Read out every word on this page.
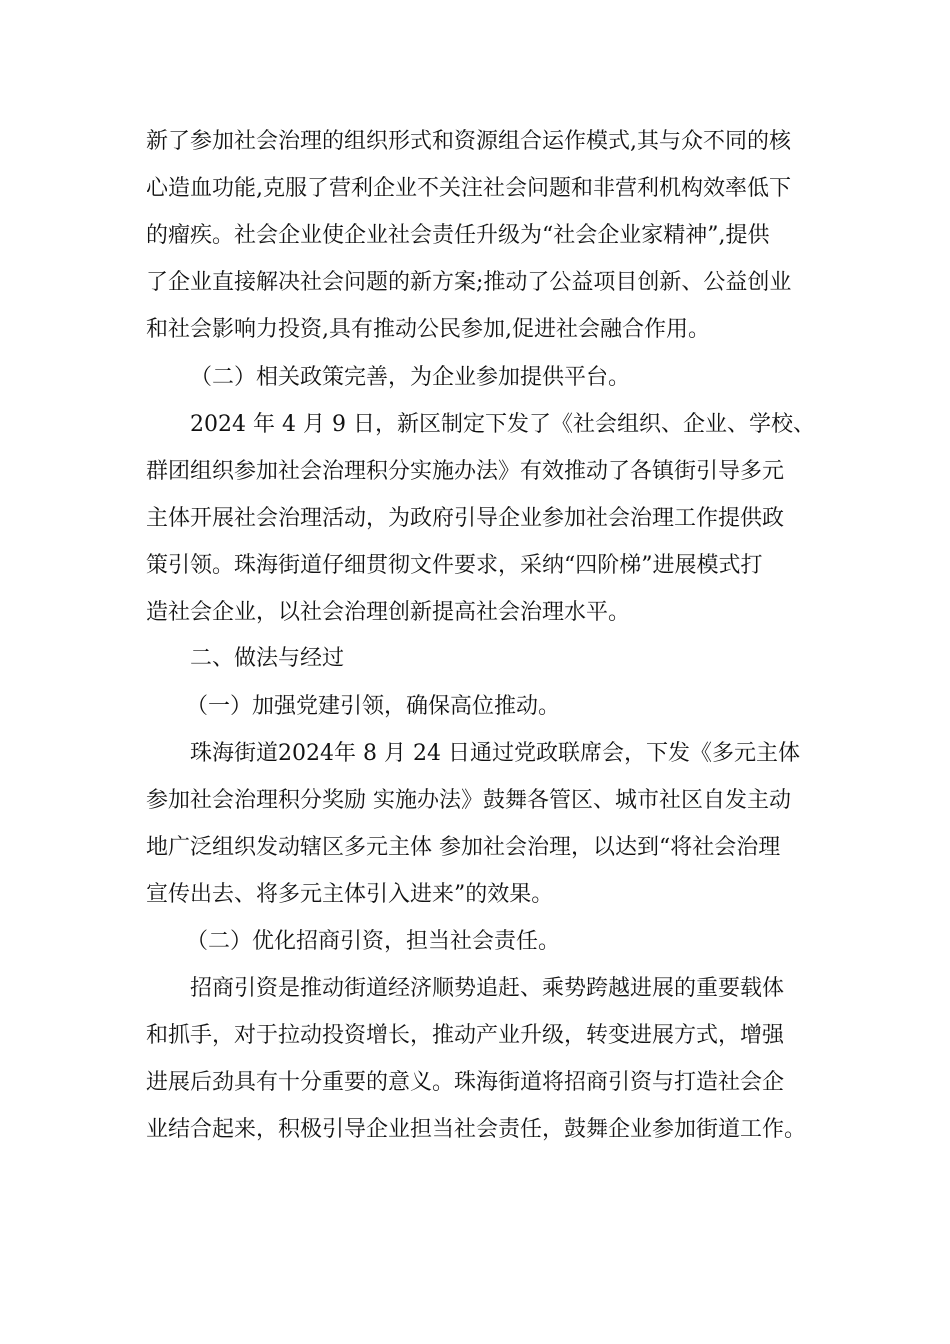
新了参加社会治理的组织形式和资源组合运作模式,其与众不同的核
心造血功能,克服了营利企业不关注社会问题和非营利机构效率低下
的瘤疾。社会企业使企业社会责任升级为“社会企业家精神”,提供
了企业直接解决社会问题的新方案;推动了公益项目创新、公益创业
和社会影响力投资,具有推动公民参加,促进社会融合作用。
（二）相关政策完善，为企业参加提供平台。
2024 年 4 月 9 日，新区制定下发了《社会组织、企业、学校、
群团组织参加社会治理积分实施办法》有效推动了各镇街引导多元
主体开展社会治理活动，为政府引导企业参加社会治理工作提供政
策引领。珠海街道仔细贯彻文件要求，采纳“四阶梯”进展模式打
造社会企业，以社会治理创新提高社会治理水平。
二、做法与经过
（一）加强党建引领，确保高位推动。
珠海街道2024年 8 月 24 日通过党政联席会，下发《多元主体
参加社会治理积分奖励 实施办法》鼓舞各管区、城市社区自发主动
地广泛组织发动辖区多元主体 参加社会治理，以达到“将社会治理
宣传出去、将多元主体引入进来”的效果。
（二）优化招商引资，担当社会责任。
招商引资是推动街道经济顺势追赶、乘势跨越进展的重要载体
和抓手，对于拉动投资增长，推动产业升级，转变进展方式，增强
进展后劲具有十分重要的意义。珠海街道将招商引资与打造社会企
业结合起来，积极引导企业担当社会责任，鼓舞企业参加街道工作。
